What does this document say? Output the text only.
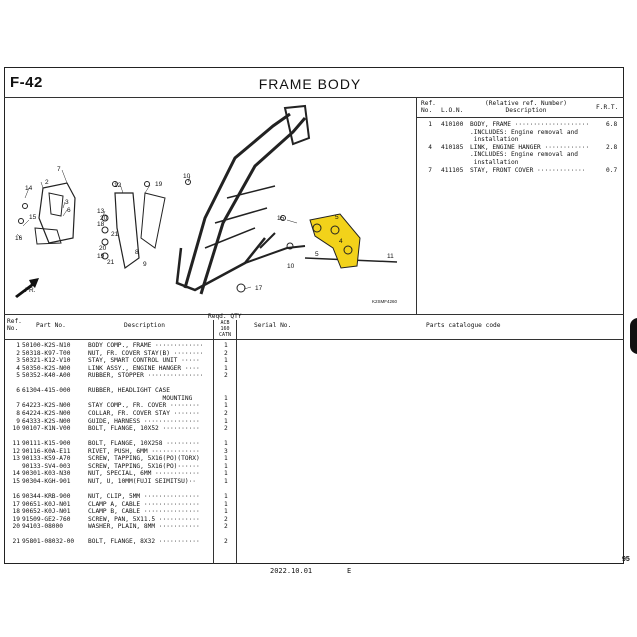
F-42	FRAME BODY
Ref.
No.	L.O.N.
(Relative ref. Number)
Description	F.R.T.
1 410100 BODY, FRAME ····················	6.8
.INCLUDES: Engine removal and
installation
4 410185 LINK, ENGINE HANGER ············	2.8
.INCLUDES: Engine removal and
installation
7 411105 STAY, FRONT COVER ·············	0.7
FR.
K2SMF4260
7
2
14
3
6
15
16
13
18
21
20
19
12
9
19
10
20
21
8
17
15	5
4
5
10
11
Ref.
No.	Part No.	Description
Reqd. QTY
ACB
160
CATN
Serial No.	Parts catalogue code
1 50100-K2S-N10	BODY COMP., FRAME ·············	1
2 50318-K97-T00	NUT, FR. COVER STAY(B) ········	2
3 50321-K12-V10	STAY, SMART CONTROL UNIT ·····	1
4 50350-K2S-N00	LINK ASSY., ENGINE HANGER ····	1
5 50352-K40-A00	RUBBER, STOPPER ···············	2
6 61304-415-000	RUBBER, HEADLIGHT CASE
MOUNTING	1
7 64223-K2S-N00	STAY COMP., FR. COVER ········	1
8 64224-K2S-N00	COLLAR, FR. COVER STAY ·······	2
9 64333-K2S-N00	GUIDE, HARNESS ···············	1
10 90107-K1N-V00	BOLT, FLANGE, 10X52 ··········	2
11 90111-K15-900	BOLT, FLANGE, 10X258 ·········	1
12 90116-K0A-E11	RIVET, PUSH, 6MM ·············	3
13 90133-K59-A70	SCREW, TAPPING, 5X16(PO)(TORX)	1
90133-SV4-003	SCREW, TAPPING, 5X16(PO)······	1
14 90301-K03-N30	NUT, SPECIAL, 6MM ············	1
15 90304-KGH-901	NUT, U, 10MM(FUJI SEIMITSU)··	1
16 90344-KRB-900	NUT, CLIP, 5MM ···············	1
17 90651-K0J-N01	CLAMP A, CABLE ···············	1
18 90652-K0J-N01	CLAMP B, CABLE ···············	1
19 91509-GE2-760	SCREW, PAN, 5X11.5 ···········	2
20 94103-08000	WASHER, PLAIN, 8MM ···········	2
21 95801-08032-00 BOLT, FLANGE, 8X32 ···········	2
95
2022.10.01	E
